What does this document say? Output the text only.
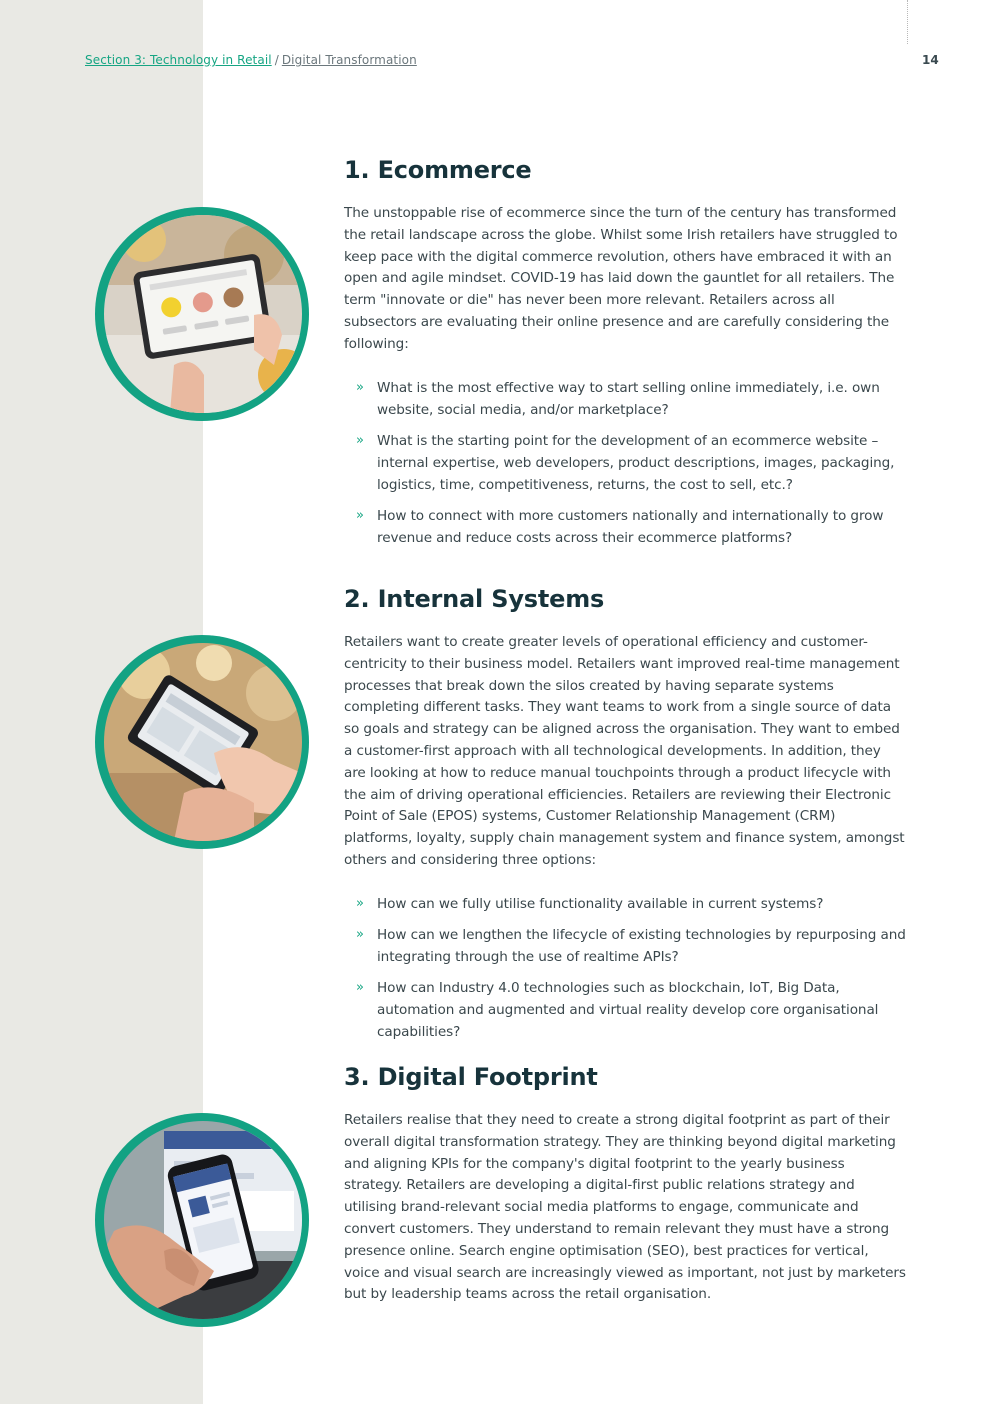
Section 3: Technology in Retail / Digital Transformation	14
1. Ecommerce

The unstoppable rise of ecommerce since the turn of the century has transformed the retail landscape across the globe. Whilst some Irish retailers have struggled to keep pace with the digital commerce revolution, others have embraced it with an open and agile mindset. COVID-19 has laid down the gauntlet for all retailers. The term "innovate or die" has never been more relevant. Retailers across all subsectors are evaluating their online presence and are carefully considering the following:

» What is the most effective way to start selling online immediately, i.e. own website, social media, and/or marketplace?
» What is the starting point for the development of an ecommerce website – internal expertise, web developers, product descriptions, images, packaging, logistics, time, competitiveness, returns, the cost to sell, etc.?
» How to connect with more customers nationally and internationally to grow revenue and reduce costs across their ecommerce platforms?
2. Internal Systems

Retailers want to create greater levels of operational efficiency and customer-centricity to their business model. Retailers want improved real-time management processes that break down the silos created by having separate systems completing different tasks. They want teams to work from a single source of data so goals and strategy can be aligned across the organisation. They want to embed a customer-first approach with all technological developments. In addition, they are looking at how to reduce manual touchpoints through a product lifecycle with the aim of driving operational efficiencies. Retailers are reviewing their Electronic Point of Sale (EPOS) systems, Customer Relationship Management (CRM) platforms, loyalty, supply chain management system and finance system, amongst others and considering three options:

» How can we fully utilise functionality available in current systems?
» How can we lengthen the lifecycle of existing technologies by repurposing and integrating through the use of realtime APIs?
» How can Industry 4.0 technologies such as blockchain, IoT, Big Data, automation and augmented and virtual reality develop core organisational capabilities?
3. Digital Footprint

Retailers realise that they need to create a strong digital footprint as part of their overall digital transformation strategy. They are thinking beyond digital marketing and aligning KPIs for the company's digital footprint to the yearly business strategy. Retailers are developing a digital-first public relations strategy and utilising brand-relevant social media platforms to engage, communicate and convert customers. They understand to remain relevant they must have a strong presence online. Search engine optimisation (SEO), best practices for vertical, voice and visual search are increasingly viewed as important, not just by marketers but by leadership teams across the retail organisation.
